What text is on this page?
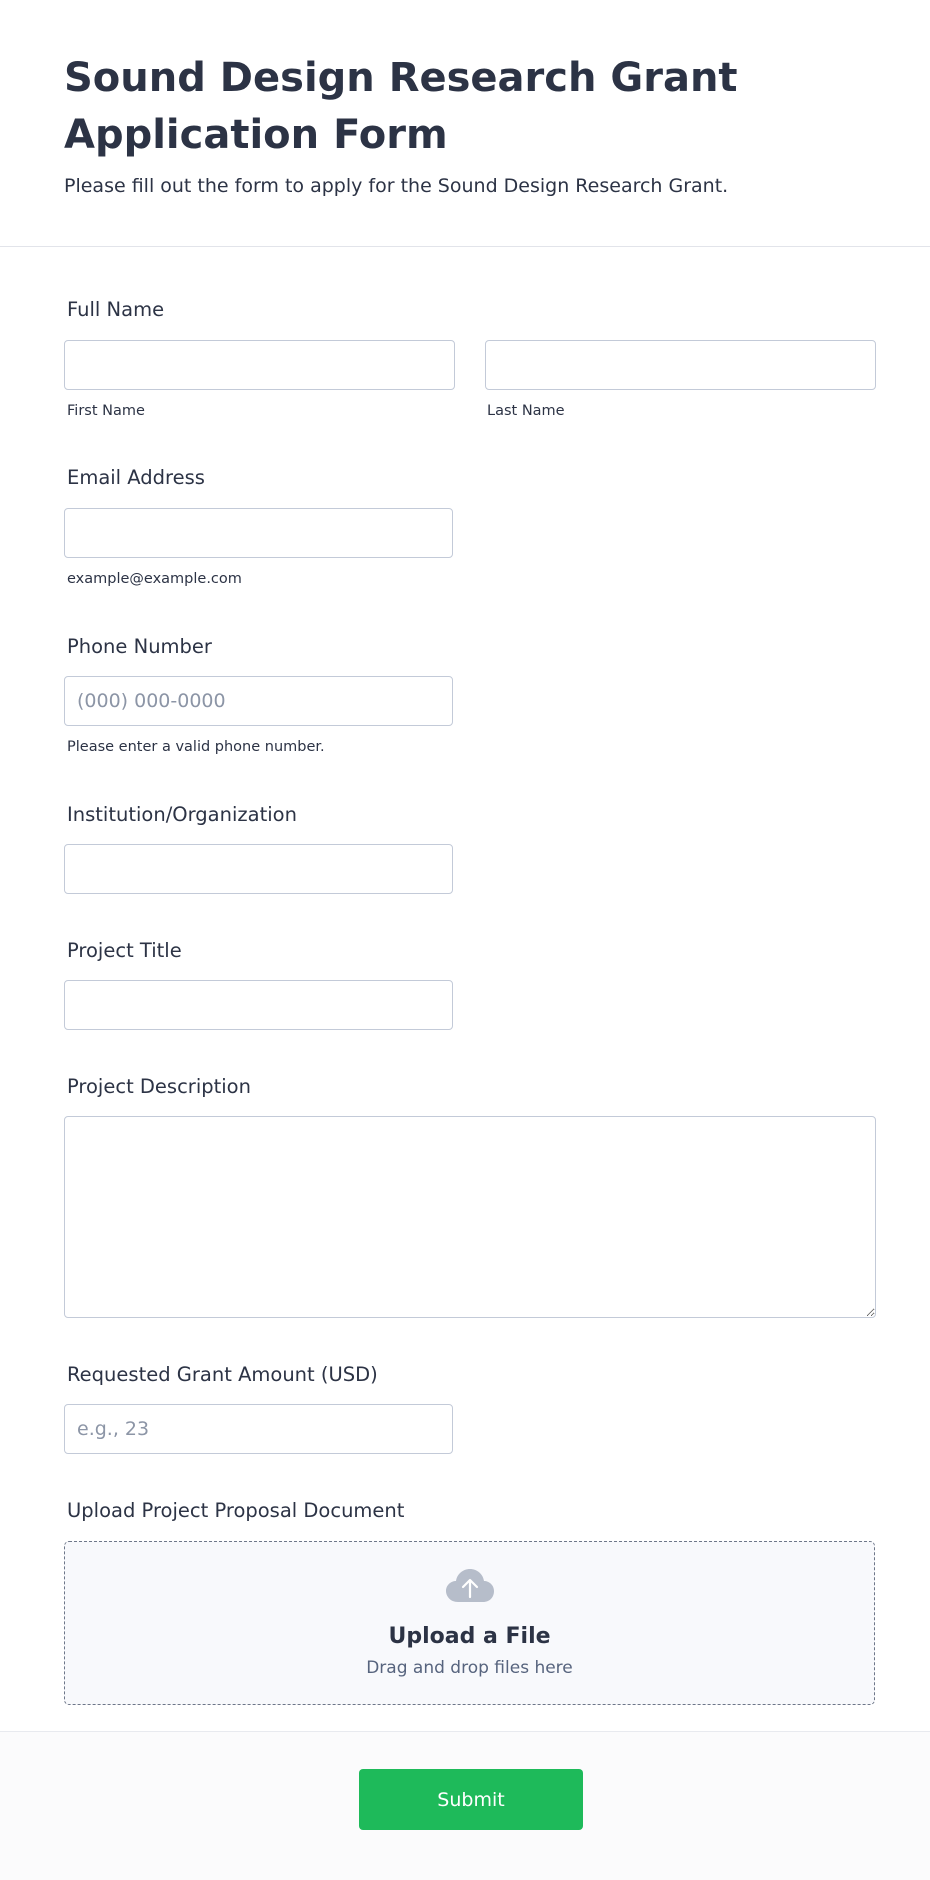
Sound Design Research Grant Application Form

Please fill out the form to apply for the Sound Design Research Grant.

Full Name
First Name	Last Name
Email Address
example@example.com
Phone Number
(000) 000-0000
Please enter a valid phone number.
Institution/Organization
Project Title
Project Description
Requested Grant Amount (USD)
e.g., 23
Upload Project Proposal Document
Upload a File
Drag and drop files here
Submit
